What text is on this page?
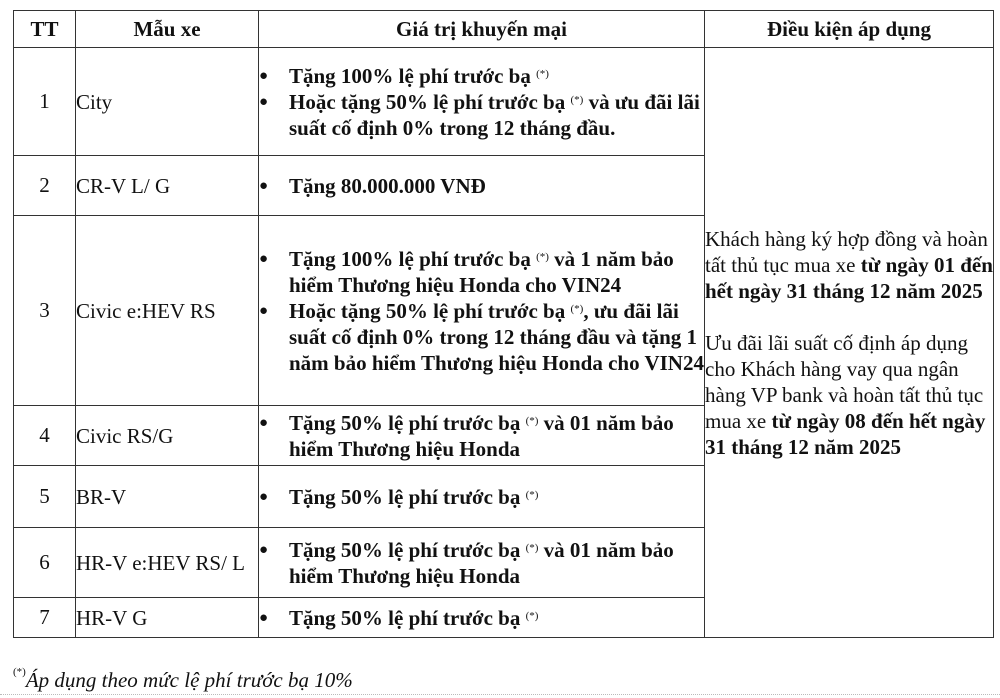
TT	Mẫu xe	Giá trị khuyến mại	Điều kiện áp dụng
1	City	
● Tặng 100% lệ phí trước bạ (*)
● Hoặc tặng 50% lệ phí trước bạ (*) và ưu đãi lãi suất cố định 0% trong 12 tháng đầu.

Khách hàng ký hợp đồng và hoàn tất thủ tục mua xe từ ngày 01 đến hết ngày 31 tháng 12 năm 2025

Ưu đãi lãi suất cố định áp dụng cho Khách hàng vay qua ngân hàng VP bank và hoàn tất thủ tục mua xe từ ngày 08 đến hết ngày 31 tháng 12 năm 2025

2	CR-V L/ G	
●Tặng 80.000.000 VNĐ

3	Civic e:HEV RS	
● Tặng 100% lệ phí trước bạ (*) và 1 năm bảo hiểm Thương hiệu Honda cho VIN24
● Hoặc tặng 50% lệ phí trước bạ (*), ưu đãi lãi suất cố định 0% trong 12 tháng đầu và tặng 1 năm bảo hiểm Thương hiệu Honda cho VIN24

4	Civic RS/G	
● Tặng 50% lệ phí trước bạ (*) và 01 năm bảo hiểm Thương hiệu Honda

5	BR-V	
●Tặng 50% lệ phí trước bạ (*)

6	HR-V e:HEV RS/ L	
● Tặng 50% lệ phí trước bạ (*) và 01 năm bảo hiểm Thương hiệu Honda

7	HR-V G	
●Tặng 50% lệ phí trước bạ (*)
(*)Áp dụng theo mức lệ phí trước bạ 10%
